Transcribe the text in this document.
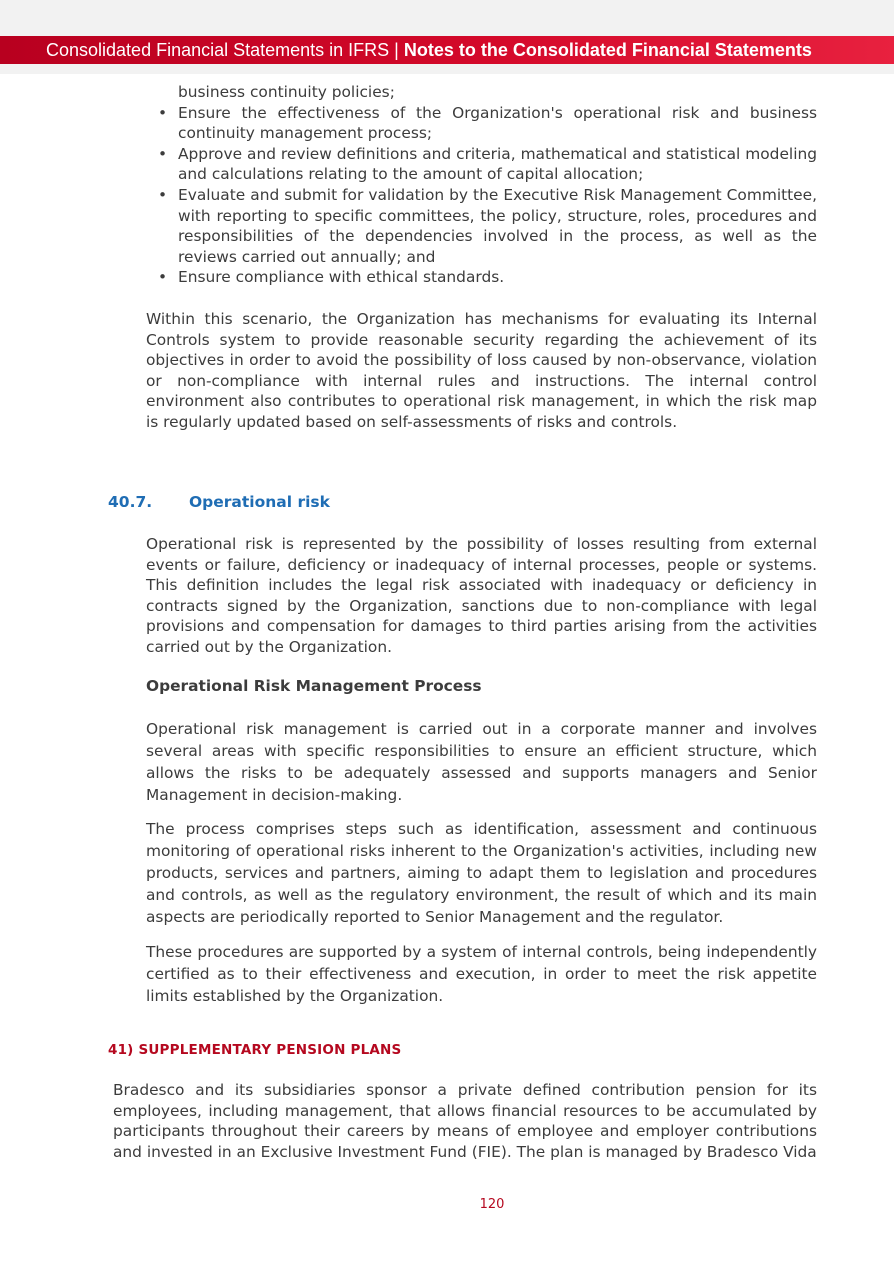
Consolidated Financial Statements in IFRS | Notes to the Consolidated Financial Statements
business continuity policies;
• Ensure the effectiveness of the Organization's operational risk and business continuity management process;
• Approve and review definitions and criteria, mathematical and statistical modeling and calculations relating to the amount of capital allocation;
• Evaluate and submit for validation by the Executive Risk Management Committee, with reporting to specific committees, the policy, structure, roles, procedures and responsibilities of the dependencies involved in the process, as well as the reviews carried out annually; and
• Ensure compliance with ethical standards.

Within this scenario, the Organization has mechanisms for evaluating its Internal Controls system to provide reasonable security regarding the achievement of its objectives in order to avoid the possibility of loss caused by non-observance, violation or non-compliance with internal rules and instructions. The internal control environment also contributes to operational risk management, in which the risk map is regularly updated based on self-assessments of risks and controls.

40.7. Operational risk

Operational risk is represented by the possibility of losses resulting from external events or failure, deficiency or inadequacy of internal processes, people or systems. This definition includes the legal risk associated with inadequacy or deficiency in contracts signed by the Organization, sanctions due to non-compliance with legal provisions and compensation for damages to third parties arising from the activities carried out by the Organization.

Operational Risk Management Process

Operational risk management is carried out in a corporate manner and involves several areas with specific responsibilities to ensure an efficient structure, which allows the risks to be adequately assessed and supports managers and Senior Management in decision-making.

The process comprises steps such as identification, assessment and continuous monitoring of operational risks inherent to the Organization's activities, including new products, services and partners, aiming to adapt them to legislation and procedures and controls, as well as the regulatory environment, the result of which and its main aspects are periodically reported to Senior Management and the regulator.

These procedures are supported by a system of internal controls, being independently certified as to their effectiveness and execution, in order to meet the risk appetite limits established by the Organization.

41) SUPPLEMENTARY PENSION PLANS

Bradesco and its subsidiaries sponsor a private defined contribution pension for its employees, including management, that allows financial resources to be accumulated by participants throughout their careers by means of employee and employer contributions and invested in an Exclusive Investment Fund (FIE). The plan is managed by Bradesco Vida

120
